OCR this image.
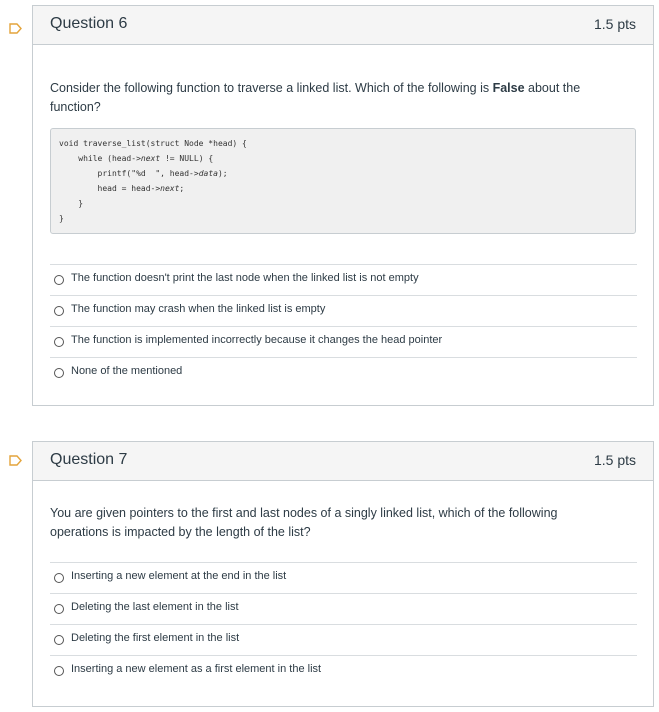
Question 6	1.5 pts
Consider the following function to traverse a linked list. Which of the following is False about the function?
void traverse_list(struct Node *head) {
while (head->next != NULL) {
printf("%d  ", head->data);
head = head->next;
}
}
The function doesn't print the last node when the linked list is not empty
The function may crash when the linked list is empty
The function is implemented incorrectly because it changes the head pointer
None of the mentioned
Question 7	1.5 pts
You are given pointers to the first and last nodes of a singly linked list, which of the following operations is impacted by the length of the list?
Inserting a new element at the end in the list
Deleting the last element in the list
Deleting the first element in the list
Inserting a new element as a first element in the list
